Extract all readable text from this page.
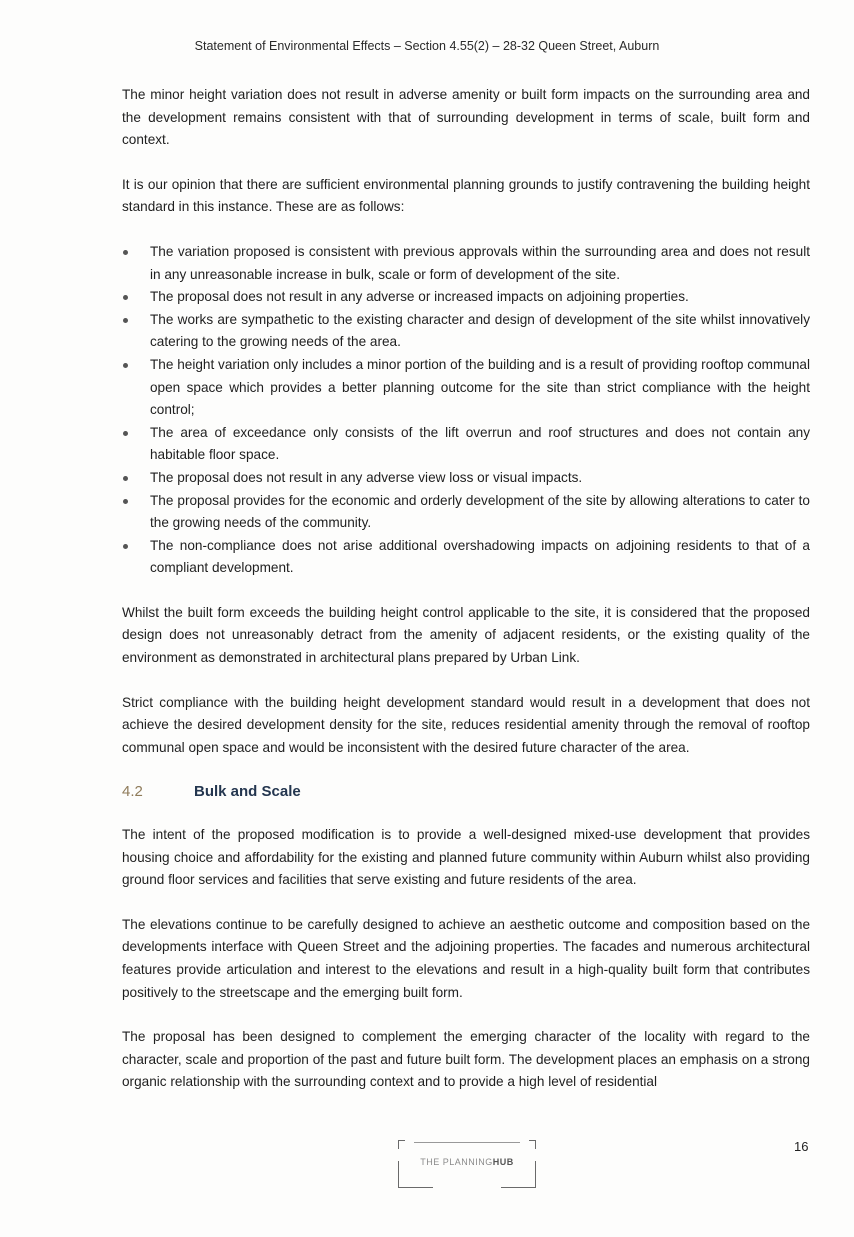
Statement of Environmental Effects – Section 4.55(2) – 28-32 Queen Street, Auburn

The minor height variation does not result in adverse amenity or built form impacts on the surrounding area and the development remains consistent with that of surrounding development in terms of scale, built form and context.

It is our opinion that there are sufficient environmental planning grounds to justify contravening the building height standard in this instance. These are as follows:

The variation proposed is consistent with previous approvals within the surrounding area and does not result in any unreasonable increase in bulk, scale or form of development of the site.
The proposal does not result in any adverse or increased impacts on adjoining properties.
The works are sympathetic to the existing character and design of development of the site whilst innovatively catering to the growing needs of the area.
The height variation only includes a minor portion of the building and is a result of providing rooftop communal open space which provides a better planning outcome for the site than strict compliance with the height control;
The area of exceedance only consists of the lift overrun and roof structures and does not contain any habitable floor space.
The proposal does not result in any adverse view loss or visual impacts.
The proposal provides for the economic and orderly development of the site by allowing alterations to cater to the growing needs of the community.
The non-compliance does not arise additional overshadowing impacts on adjoining residents to that of a compliant development.

Whilst the built form exceeds the building height control applicable to the site, it is considered that the proposed design does not unreasonably detract from the amenity of adjacent residents, or the existing quality of the environment as demonstrated in architectural plans prepared by Urban Link.

Strict compliance with the building height development standard would result in a development that does not achieve the desired development density for the site, reduces residential amenity through the removal of rooftop communal open space and would be inconsistent with the desired future character of the area.

4.2	Bulk and Scale

The intent of the proposed modification is to provide a well-designed mixed-use development that provides housing choice and affordability for the existing and planned future community within Auburn whilst also providing ground floor services and facilities that serve existing and future residents of the area.

The elevations continue to be carefully designed to achieve an aesthetic outcome and composition based on the developments interface with Queen Street and the adjoining properties. The facades and numerous architectural features provide articulation and interest to the elevations and result in a high-quality built form that contributes positively to the streetscape and the emerging built form.

The proposal has been designed to complement the emerging character of the locality with regard to the character, scale and proportion of the past and future built form. The development places an emphasis on a strong organic relationship with the surrounding context and to provide a high level of residential

THE PLANNINGHUB
16
